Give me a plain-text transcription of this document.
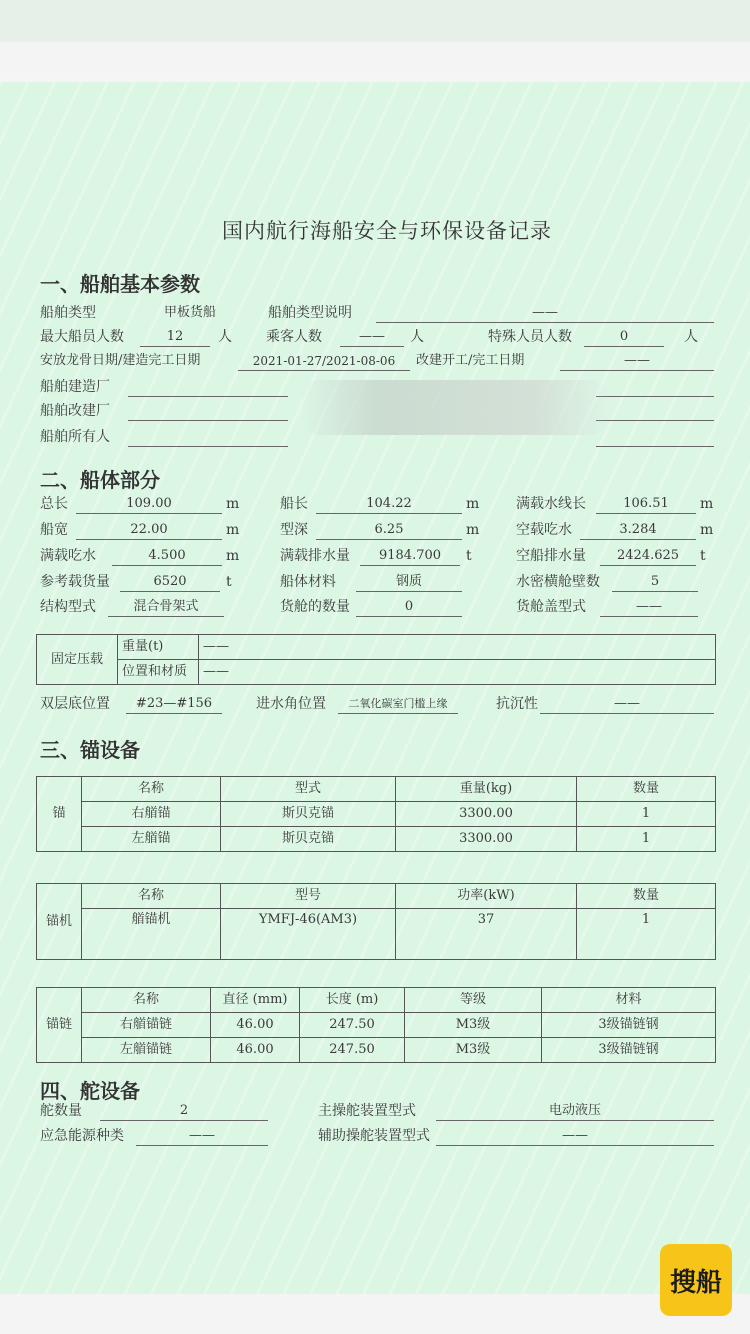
国内航行海船安全与环保设备记录
一、船舶基本参数
船舶类型	甲板货船	船舶类型说明	——
最大船员人数	12	人 乘客人数	——	人	特殊人员人数	0	人
安放龙骨日期/建造完工日期	2021-01-27/2021-08-06	改建开工/完工日期	——
船舶建造厂
船舶改建厂
船舶所有人
二、船体部分
总长	109.00	m	船长	104.22	m	满载水线长	106.51	m
船宽	22.00	m	型深	6.25	m	空载吃水	3.284	m
满载吃水	4.500	m	满载排水量	9184.700	t	空船排水量	2424.625	t
参考载货量	6520	t	船体材料	钢质	水密横舱壁数	5
结构型式	混合骨架式	货舱的数量	0	货舱盖型式	——
固定压载	重量(t)	——
	位置和材质	——
双层底位置	#23—#156	进水角位置	二氧化碳室门槛上缘	抗沉性	——
三、锚设备
锚	名称	型式	重量(kg)	数量
	右艏锚	斯贝克锚	3300.00	1
	左艏锚	斯贝克锚	3300.00	1
锚机	名称	型号	功率(kW)	数量
	艏锚机	YMFJ-46(AM3)	37	1
锚链	名称	直径 (mm)	长度 (m)	等级	材料
	右艏锚链	46.00	247.50	M3级	3级锚链钢
	左艏锚链	46.00	247.50	M3级	3级锚链钢
四、舵设备
舵数量	2	主操舵装置型式	电动液压
应急能源种类	——	辅助操舵装置型式	——
搜船
